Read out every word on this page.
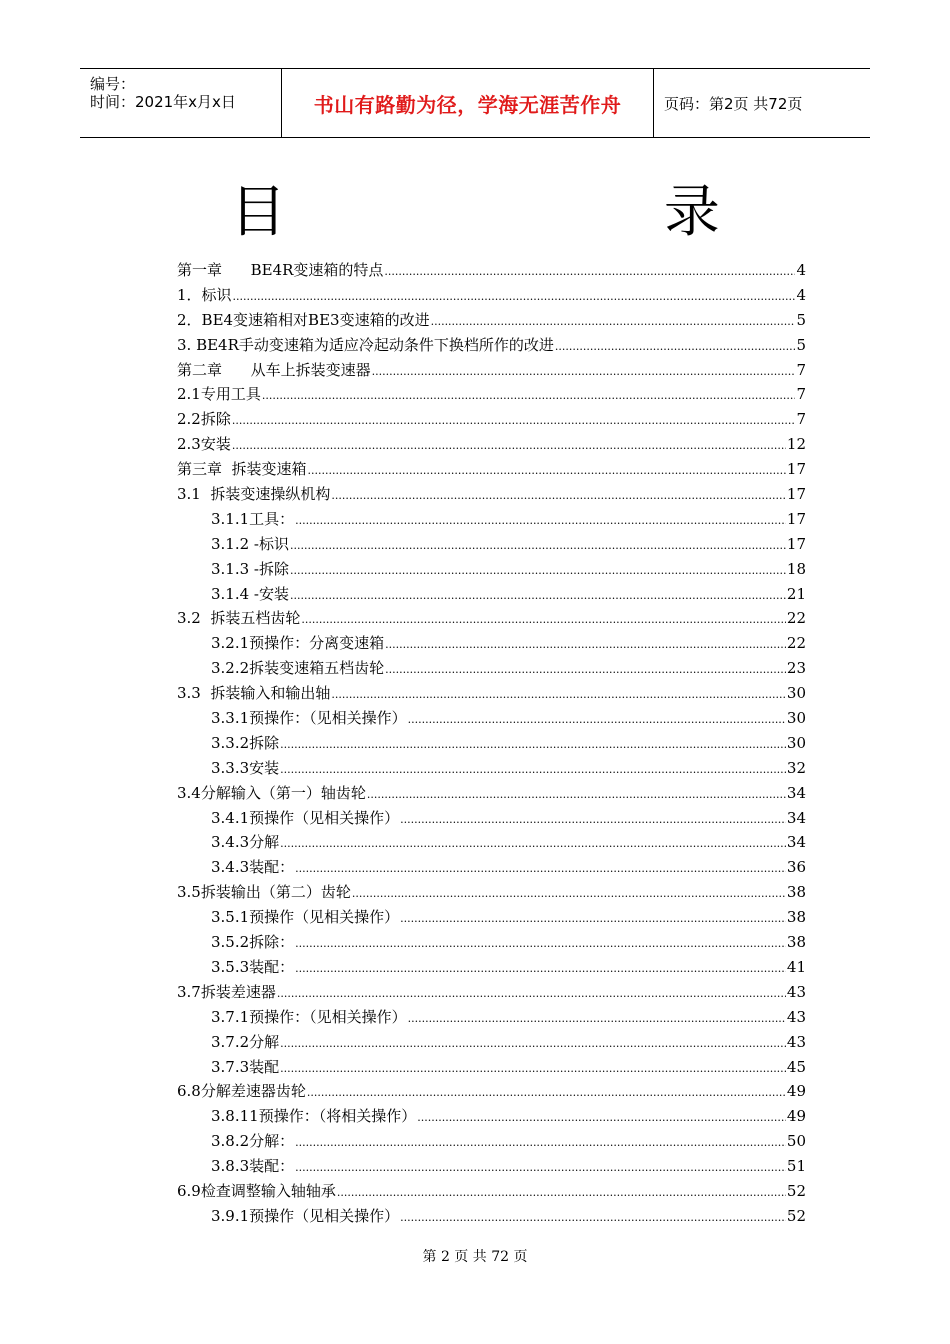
编号：
时间：2021年x月x日	书山有路勤为径，学海无涯苦作舟	页码：第2页 共72页
目 录
第一章      BE4R变速箱的特点 .....	4
1．标识 .....	4
2．BE4变速箱相对BE3变速箱的改进 .....	5
3. BE4R手动变速箱为适应冷起动条件下换档所作的改进 .....	5
第二章      从车上拆装变速器 .....	7
2.1专用工具 .....	7
2.2拆除 .....	7
2.3安装 .....	12
第三章  拆装变速箱 .....	17
3.1  拆装变速操纵机构 .....	17
3.1.1工具： .....	17
3.1.2 -标识 .....	17
3.1.3 -拆除 .....	18
3.1.4 -安装 .....	21
3.2  拆装五档齿轮 .....	22
3.2.1预操作：分离变速箱 .....	22
3.2.2拆装变速箱五档齿轮 .....	23
3.3  拆装输入和输出轴 .....	30
3.3.1预操作：（见相关操作） .....	30
3.3.2拆除 .....	30
3.3.3安装 .....	32
3.4分解输入（第一）轴齿轮 .....	34
3.4.1预操作（见相关操作） .....	34
3.4.3分解 .....	34
3.4.3装配： .....	36
3.5拆装输出（第二）齿轮 .....	38
3.5.1预操作（见相关操作） .....	38
3.5.2拆除： .....	38
3.5.3装配： .....	41
3.7拆装差速器 .....	43
3.7.1预操作：（见相关操作） .....	43
3.7.2分解 .....	43
3.7.3装配 .....	45
6.8分解差速器齿轮 .....	49
3.8.11预操作：（将相关操作） .....	49
3.8.2分解： .....	50
3.8.3装配： .....	51
6.9检查调整输入轴轴承 .....	52
3.9.1预操作（见相关操作） .....	52
第 2 页 共 72 页
